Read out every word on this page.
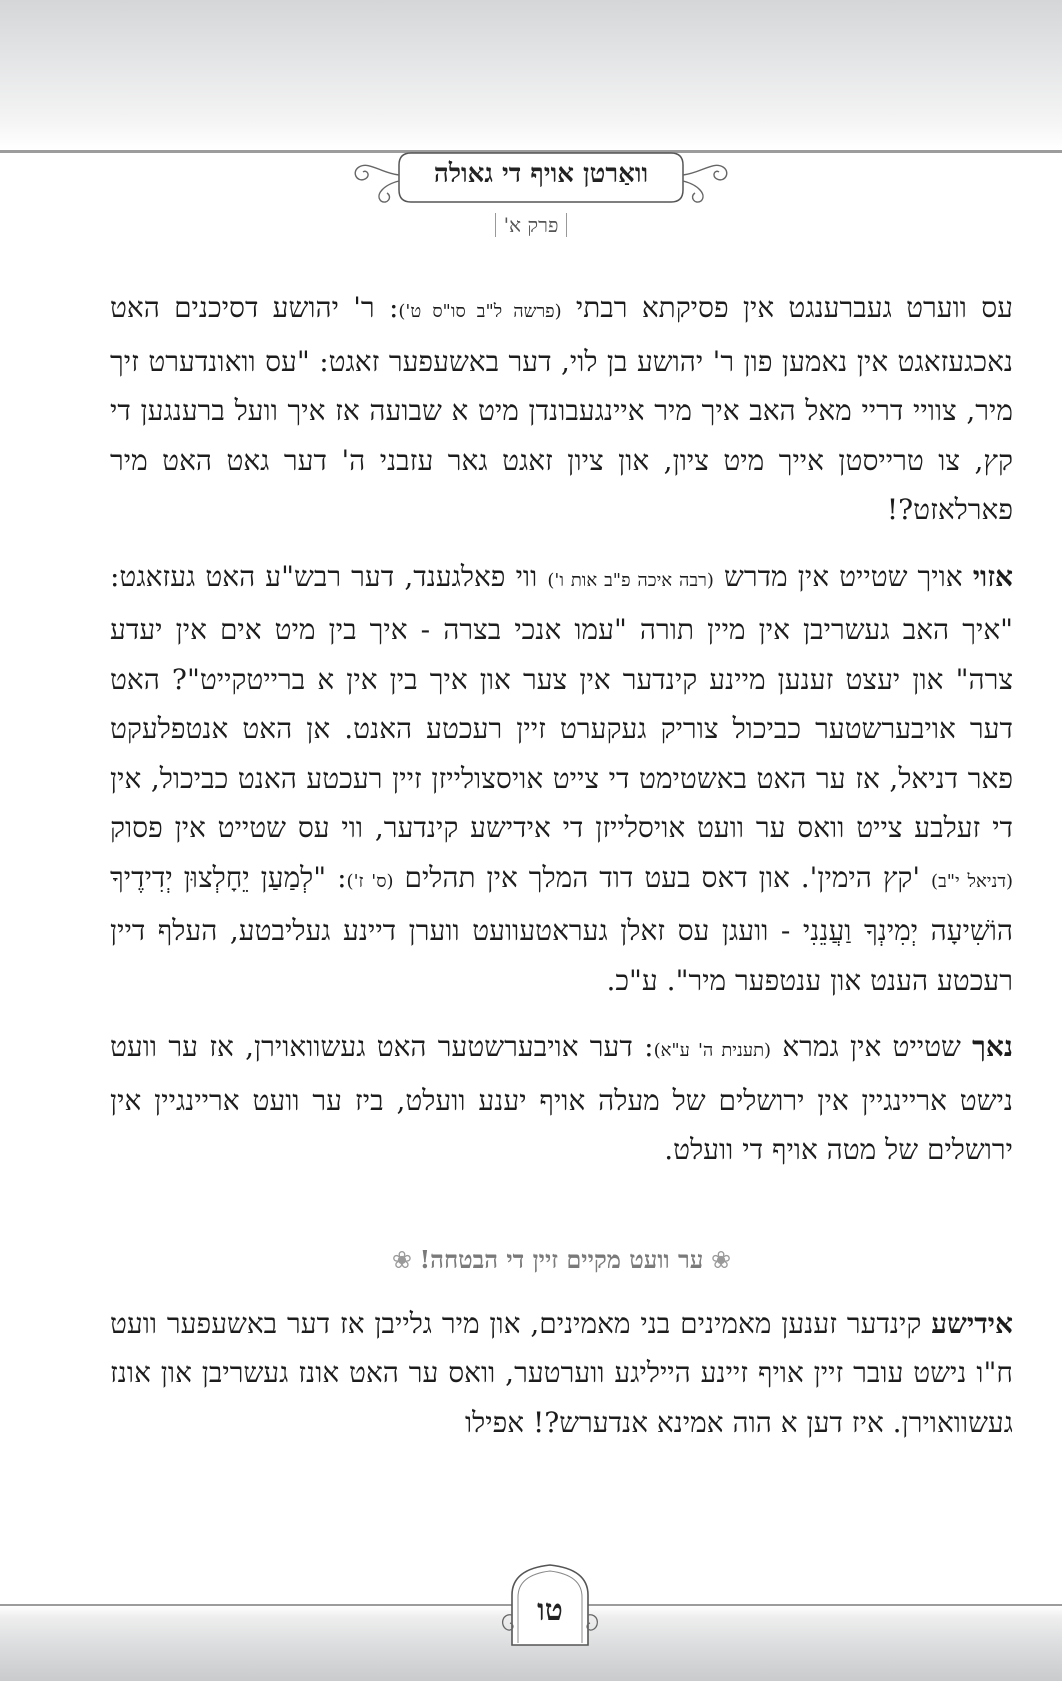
וואַרטן אויף די גאולה
פרק א'

עס ווערט געברענגט אין פסיקתא רבתי (פרשה ל"ב סו"ס ט'): ר' יהושע דסיכנים האט נאכגעזאגט אין נאמען פון ר' יהושע בן לוי, דער באשעפער זאגט: "עס וואונדערט זיך מיר, צוויי דריי מאל האב איך מיר איינגעבונדן מיט א שבועה אז איך וועל ברענגען די קץ, צו טרייסטן אייך מיט ציון, און ציון זאגט גאר עזבני ה' דער גאט האט מיר פארלאזט?!

אזוי אויך שטייט אין מדרש (רבה איכה פ"ב אות ו') ווי פאלגענד, דער רבש"ע האט געזאגט: "איך האב געשריבן אין מיין תורה "עמו אנכי בצרה - איך בין מיט אים אין יעדע צרה" און יעצט זענען מיינע קינדער אין צער און איך בין אין א ברייטקייט"? האט דער אויבערשטער כביכול צוריק געקערט זיין רעכטע האנט. אן האט אנטפלעקט פאר דניאל, אז ער האט באשטימט די צייט אויסצולייזן זיין רעכטע האנט כביכול, אין די זעלבע צייט וואס ער וועט אויסלייזן די אידישע קינדער, ווי עס שטייט אין פסוק (דניאל י"ב) 'קץ הימין'. און דאס בעט דוד המלך אין תהלים (ס' ז'): "לְמַעַן יֵחָלְצוּן יְדִידֶיךָ הוֹשִׁיעָה יְמִינְךָ וַעֲנֵנִי - וועגן עס זאלן געראטעוועט ווערן דיינע געליבטע, העלף דיין רעכטע הענט און ענטפער מיר". ע"כ.

נאך שטייט אין גמרא (תענית ה' ע"א): דער אויבערשטער האט געשוואוירן, אז ער וועט נישט אריינגיין אין ירושלים של מעלה אויף יענע וועלט, ביז ער וועט אריינגיין אין ירושלים של מטה אויף די וועלט.

❀ ער וועט מקיים זיין די הבטחה! ❀

אידישע קינדער זענען מאמינים בני מאמינים, און מיר גלייבן אז דער באשעפער וועט ח"ו נישט עובר זיין אויף זיינע הייליגע ווערטער, וואס ער האט אונז געשריבן און אונז געשוואוירן. איז דען א הוה אמינא אנדערש?! אפילו

טו
